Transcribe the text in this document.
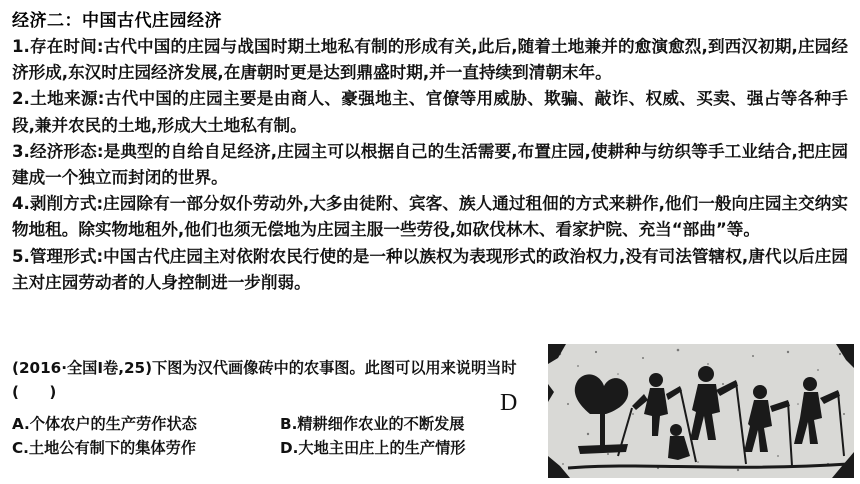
经济二：中国古代庄园经济

1.存在时间:古代中国的庄园与战国时期土地私有制的形成有关,此后,随着土地兼并的愈演愈烈,到西汉初期,庄园经济形成,东汉时庄园经济发展,在唐朝时更是达到鼎盛时期,并一直持续到清朝末年。

2.土地来源:古代中国的庄园主要是由商人、豪强地主、官僚等用威胁、欺骗、敲诈、权威、买卖、强占等各种手段,兼并农民的土地,形成大土地私有制。

3.经济形态:是典型的自给自足经济,庄园主可以根据自己的生活需要,布置庄园,使耕种与纺织等手工业结合,把庄园建成一个独立而封闭的世界。

4.剥削方式:庄园除有一部分奴仆劳动外,大多由徒附、宾客、族人通过租佃的方式来耕作,他们一般向庄园主交纳实物地租。除实物地租外,他们也须无偿地为庄园主服一些劳役,如砍伐林木、看家护院、充当“部曲”等。

5.管理形式:中国古代庄园主对依附农民行使的是一种以族权为表现形式的政治权力,没有司法管辖权,唐代以后庄园主对庄园劳动者的人身控制进一步削弱。

(2016·全国Ⅰ卷,25)下图为汉代画像砖中的农事图。此图可以用来说明当时(　　)	D
A.个体农户的生产劳作状态	B.精耕细作农业的不断发展
C.土地公有制下的集体劳作	D.大地主田庄上的生产情形
